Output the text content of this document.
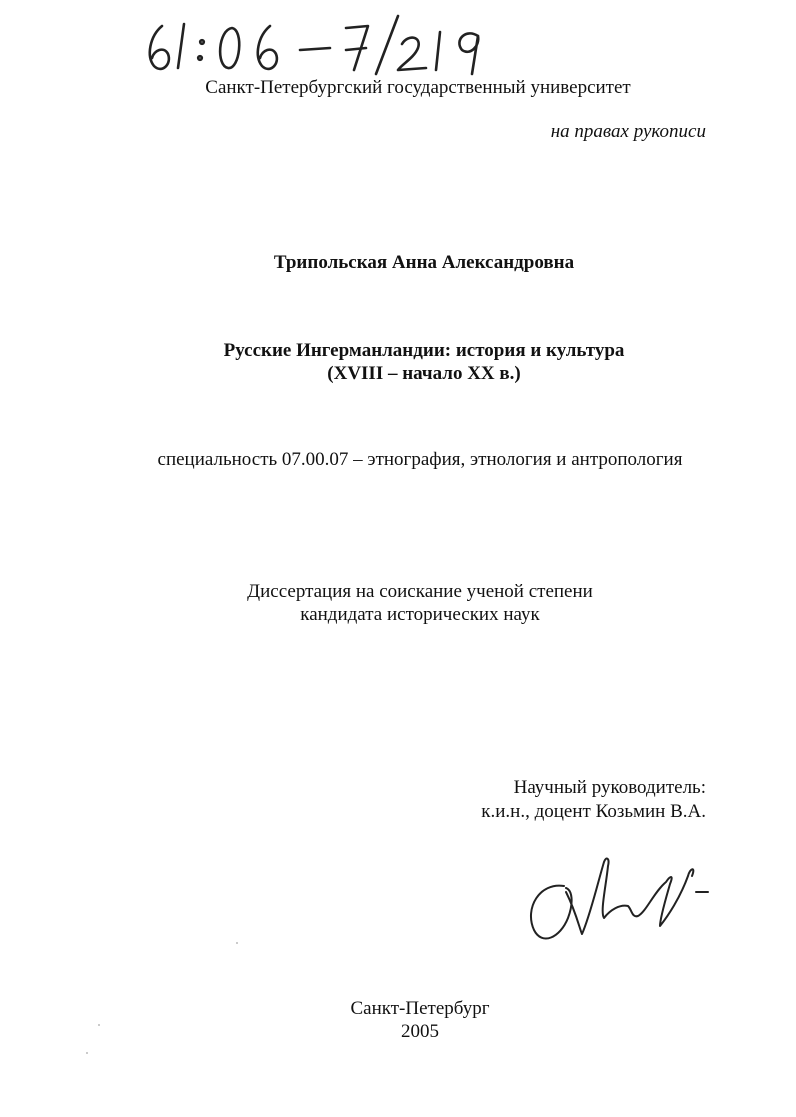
Санкт-Петербургский государственный университет
на правах рукописи
Трипольская Анна Александровна
Русские Ингерманландии: история и культура
(XVIII – начало XX в.)
специальность 07.00.07 – этнография, этнология и антропология
Диссертация на соискание ученой степени
кандидата исторических наук
Научный руководитель:
к.и.н., доцент Козьмин В.А.
Санкт-Петербург
2005
